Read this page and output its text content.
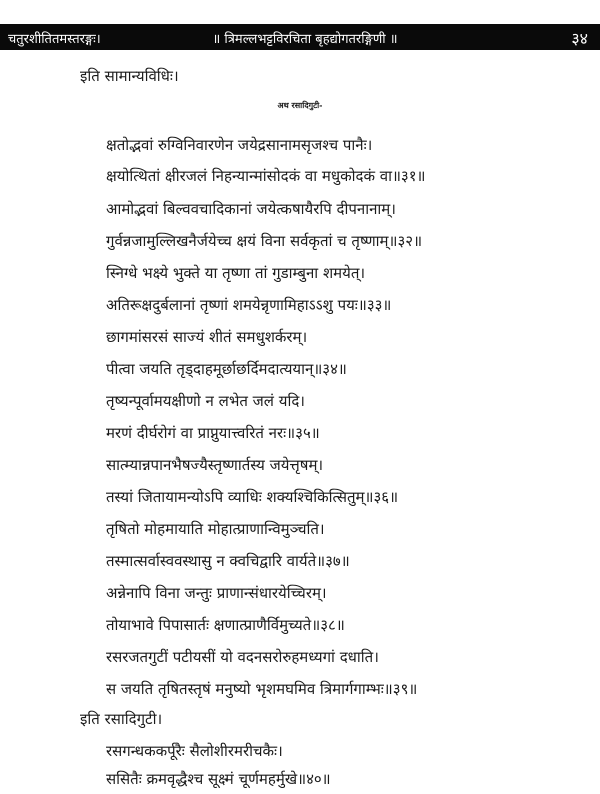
चतुरशीतितमस्तरङ्गः।	॥ त्रिमल्लभट्टविरचिता बृहद्योगतरङ्गिणी ॥	३४
इति सामान्यविधिः।
अथ रसादिगुटी-
क्षतोद्भवां रुग्विनिवारणेन जयेद्रसानामसृजश्च पानैः।
क्षयोत्थितां क्षीरजलं निहन्यान्मांसोदकं वा मधुकोदकं वा॥३१॥
आमोद्भवां बिल्ववचादिकानां जयेत्कषायैरपि दीपनानाम्।
गुर्वन्नजामुल्लिखनैर्जयेच्च क्षयं विना सर्वकृतां च तृष्णाम्॥३२॥
स्निग्धे भक्ष्ये भुक्ते या तृष्णा तां गुडाम्बुना शमयेत्।
अतिरूक्षदुर्बलानां तृष्णां शमयेन्नृणामिहाऽऽशु पयः॥३३॥
छागमांसरसं साज्यं शीतं समधुशर्करम्।
पीत्वा जयति तृड्दाहमूर्छाछर्दिमदात्ययान्॥३४॥
तृष्यन्पूर्वामयक्षीणो न लभेत जलं यदि।
मरणं दीर्घरोगं वा प्राप्नुयात्त्वरितं नरः॥३५॥
सात्म्यान्नपानभैषज्यैस्तृष्णार्तस्य जयेत्तृषम्।
तस्यां जितायामन्योऽपि व्याधिः शक्यश्चिकित्सितुम्॥३६॥
तृषितो मोहमायाति मोहात्प्राणान्विमुञ्चति।
तस्मात्सर्वास्ववस्थासु न क्वचिद्वारि वार्यते॥३७॥
अन्नेनापि विना जन्तुः प्राणान्संधारयेच्चिरम्।
तोयाभावे पिपासार्तः क्षणात्प्राणैर्विमुच्यते॥३८॥
रसरजतगुटीं पटीयसीं यो वदनसरोरुहमध्यगां दधाति।
स जयति तृषितस्तृषं मनुष्यो भृशमघमिव त्रिमार्गगाम्भः॥३९॥
इति रसादिगुटी।
रसगन्धककर्पूरैः सैलोशीरमरीचकैः।
ससितैः क्रमवृद्धैश्च सूक्ष्मं चूर्णमहर्मुखे॥४०॥
